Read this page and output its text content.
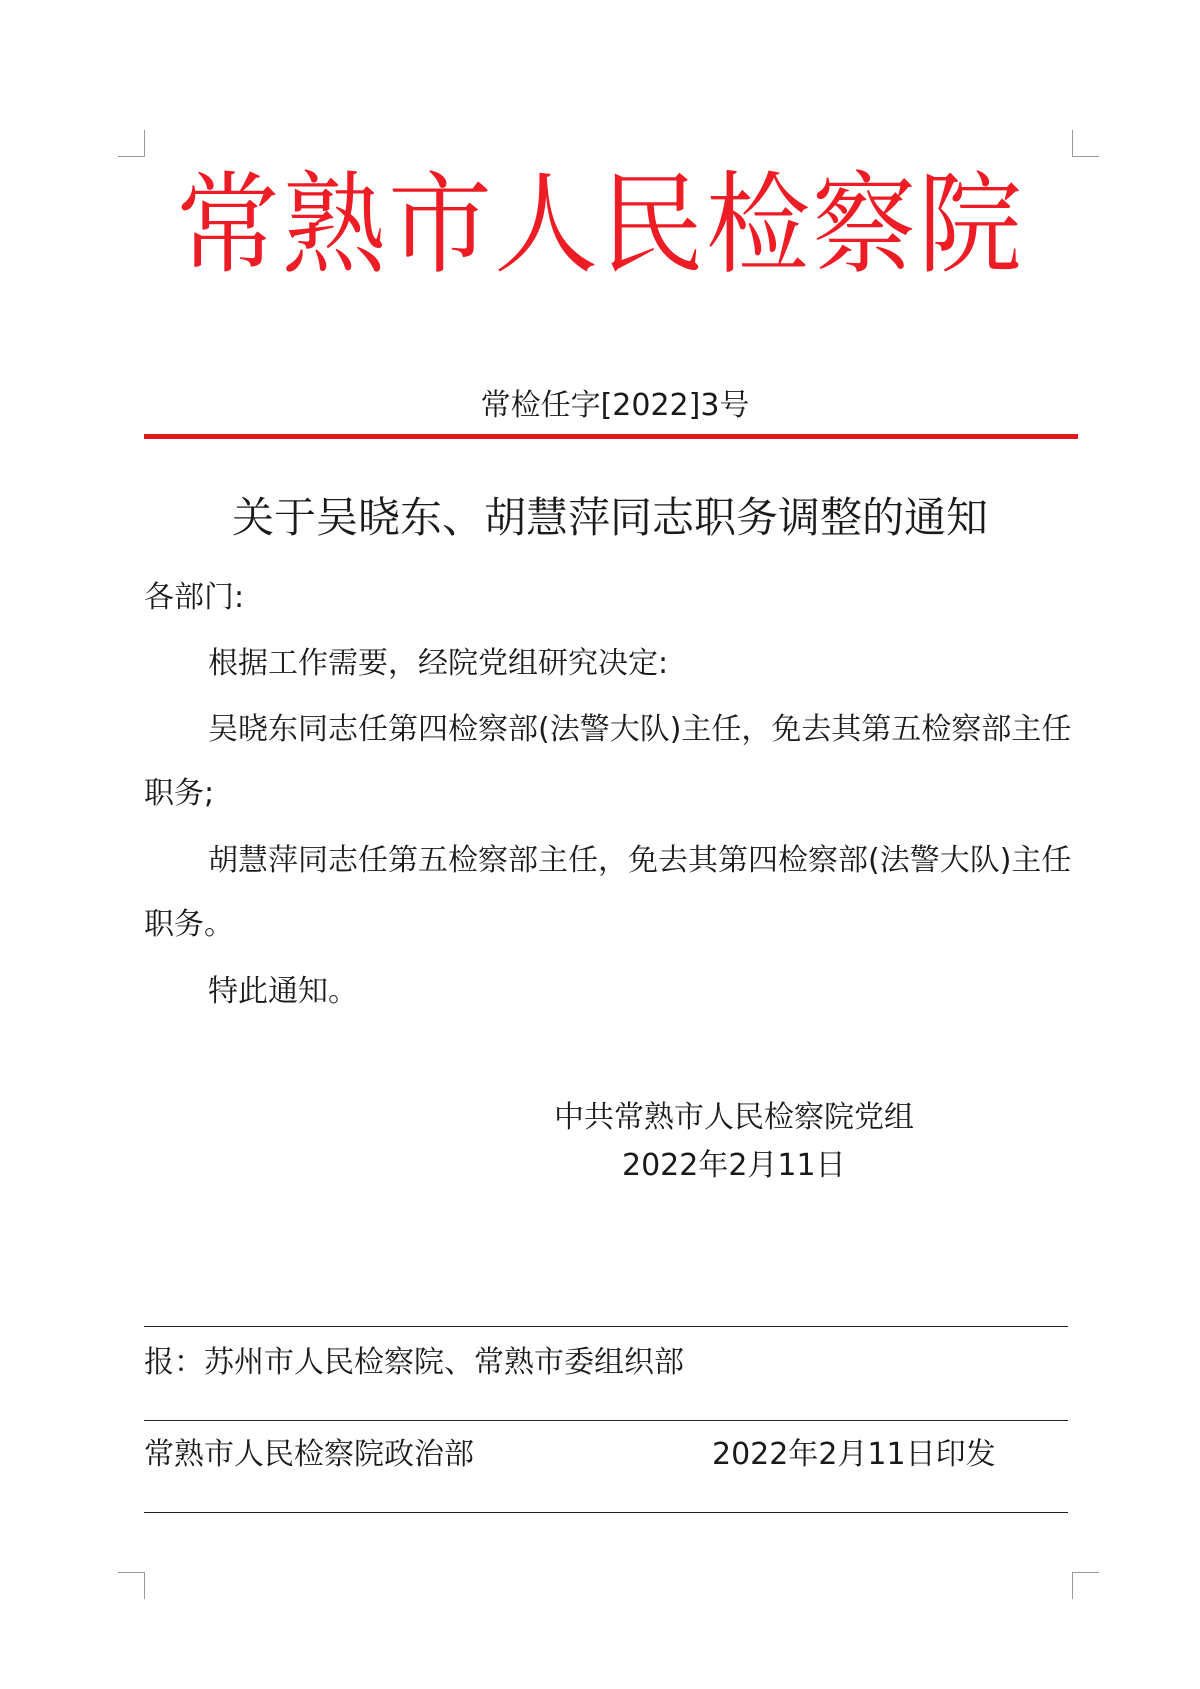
常熟市人民检察院
常检任字[2022]3号
关于吴晓东、胡慧萍同志职务调整的通知
各部门:
根据工作需要，经院党组研究决定:
吴晓东同志任第四检察部(法警大队)主任，免去其第五检察部主任职务;
胡慧萍同志任第五检察部主任，免去其第四检察部(法警大队)主任职务。
特此通知。
中共常熟市人民检察院党组
2022年2月11日
报：苏州市人民检察院、常熟市委组织部
常熟市人民检察院政治部	2022年2月11日印发
